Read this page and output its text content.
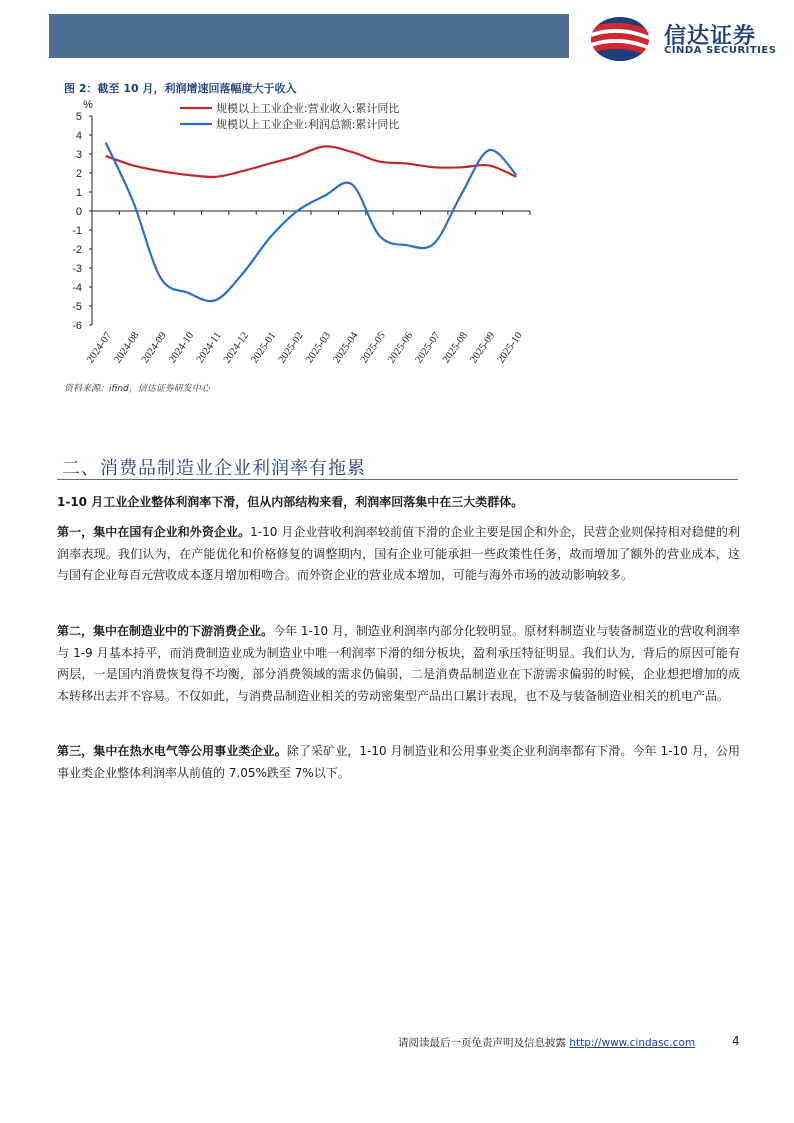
信达证券
CINDA SECURITIES
图 2：截至 10 月，利润增速回落幅度大于收入
%
5
4
3
2
1
0
-1
-2
-3
-4
-5
-6
2024-07
2024-08
2024-09
2024-10
2024-11
2024-12
2025-01
2025-02
2025-03
2025-04
2025-05
2025-06
2025-07
2025-08
2025-09
2025-10
规模以上工业企业:营业收入:累计同比
规模以上工业企业:利润总额:累计同比
资料来源：ifind，信达证券研发中心
二、消费品制造业企业利润率有拖累
1-10 月工业企业整体利润率下滑，但从内部结构来看，利润率回落集中在三大类群体。
第一，集中在国有企业和外资企业。1-10 月企业营收利润率较前值下滑的企业主要是国企和外企，民营企业则保持相对稳健的利润率表现。我们认为，在产能优化和价格修复的调整期内，国有企业可能承担一些政策性任务，故而增加了额外的营业成本，这与国有企业每百元营收成本逐月增加相吻合。而外资企业的营业成本增加，可能与海外市场的波动影响较多。
第二，集中在制造业中的下游消费企业。今年 1-10 月，制造业利润率内部分化较明显。原材料制造业与装备制造业的营收利润率与 1-9 月基本持平，而消费制造业成为制造业中唯一利润率下滑的细分板块，盈利承压特征明显。我们认为，背后的原因可能有两层，一是国内消费恢复得不均衡，部分消费领域的需求仍偏弱，二是消费品制造业在下游需求偏弱的时候，企业想把增加的成本转移出去并不容易。不仅如此，与消费品制造业相关的劳动密集型产品出口累计表现，也不及与装备制造业相关的机电产品。
第三，集中在热水电气等公用事业类企业。除了采矿业，1-10 月制造业和公用事业类企业利润率都有下滑。今年 1-10 月，公用事业类企业整体利润率从前值的 7.05%跌至 7%以下。
请阅读最后一页免责声明及信息披露 http://www.cindasc.com	4
